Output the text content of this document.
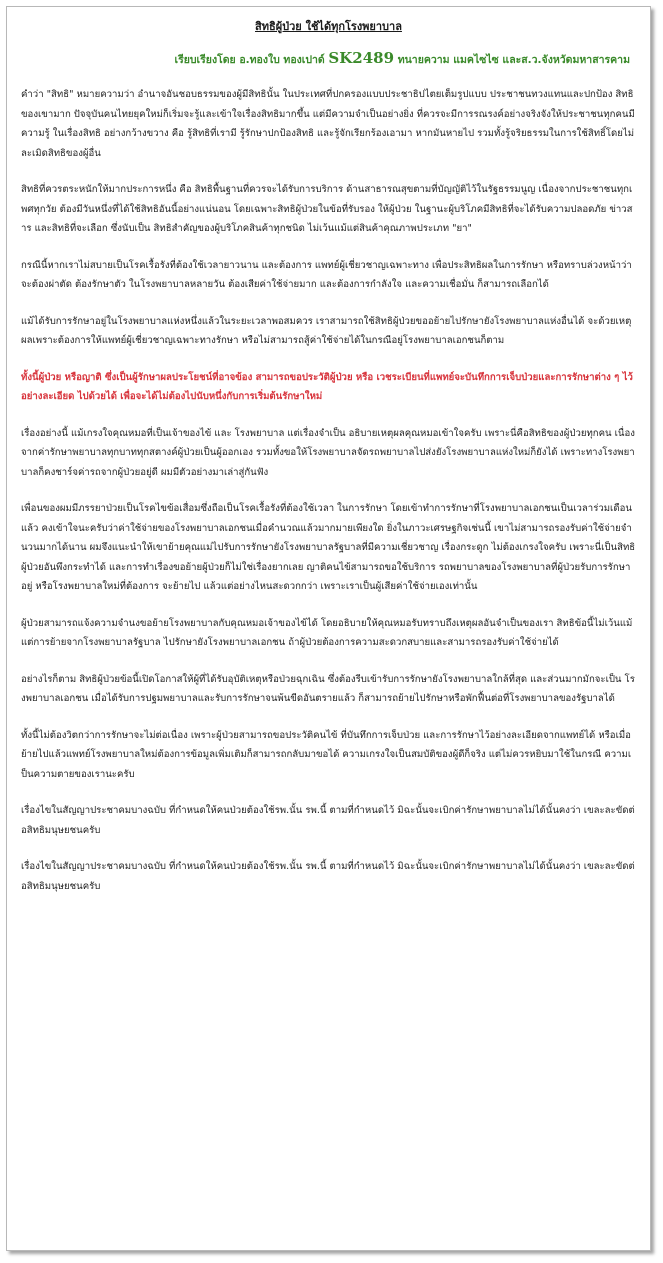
สิทธิผู้ป่วย ใช้ได้ทุกโรงพยาบาล
เรียบเรียงโดย อ.ทองใบ ทองเปาด์ SK2489 ทนายความ แมคไซไซ และส.ว.จังหวัดมหาสารคาม

คำว่า "สิทธิ" หมายความว่า อำนาจอันชอบธรรมของผู้มีสิทธินั้น ในประเทศที่ปกครองแบบประชาธิปไตยเต็มรูปแบบ ประชาชนทวงแทนและปกป้อง สิทธิ ของเขามาก ปัจจุบันคนไทยยุคใหม่ก็เริ่มจะรู้และเข้าใจเรื่องสิทธิมากขึ้น แต่มีความจำเป็นอย่างยิ่ง ที่ควรจะมีการรณรงค์อย่างจริงจังให้ประชาชนทุกคนมีความรู้ ในเรื่องสิทธิ อย่างกว้างขวาง คือ รู้สิทธิที่เรามี รู้รักษาปกป้องสิทธิ และรู้จักเรียกร้องเอามา หากมันหายไป รวมทั้งรู้จริยธรรมในการใช้สิทธิ์โดยไม่ละเมิดสิทธิของผู้อื่น

สิทธิที่ควรตระหนักให้มากประการหนึ่ง คือ สิทธิพื้นฐานที่ควรจะได้รับการบริการ ด้านสาธารณสุขตามที่บัญญัติไว้ในรัฐธรรมนูญ เนื่องจากประชาชนทุกเพศทุกวัย ต้องมีวันหนึ่งที่ได้ใช้สิทธิอันนี้อย่างแน่นอน โดยเฉพาะสิทธิผู้ป่วยในข้อที่รับรอง ให้ผู้ป่วย ในฐานะผู้บริโภคมีสิทธิที่จะได้รับความปลอดภัย ข่าวสาร และสิทธิที่จะเลือก ซึ่งนับเป็น สิทธิสำคัญของผู้บริโภคสินค้าทุกชนิด ไม่เว้นแม้แต่สินค้าคุณภาพประเภท "ยา"

กรณีนี้หากเราไม่สบายเป็นโรคเรื้อรังที่ต้องใช้เวลายาวนาน และต้องการ แพทย์ผู้เชี่ยวชาญเฉพาะทาง เพื่อประสิทธิผลในการรักษา หรือทราบล่วงหน้าว่า จะต้องผ่าตัด ต้องรักษาตัว ในโรงพยาบาลหลายวัน ต้องเสียค่าใช้จ่ายมาก และต้องการกำลังใจ และความเชื่อมั่น ก็สามารถเลือกได้

แม้ได้รับการรักษาอยู่ในโรงพยาบาลแห่งหนึ่งแล้วในระยะเวลาพอสมควร เราสามารถใช้สิทธิผู้ป่วยขออย้ายไปรักษายังโรงพยาบาลแห่งอื่นได้ จะด้วยเหตุผลเพราะต้องการให้แพทย์ผู้เชี่ยวชาญเฉพาะทางรักษา หรือไม่สามารถสู้ค่าใช้จ่ายได้ในกรณีอยู่โรงพยาบาลเอกชนก็ตาม

ทั้งนี้ผู้ป่วย หรือญาติ ซึ่งเป็นผู้รักษาผลประโยชน์ที่อาจข้อง สามารถขอประวัติผู้ป่วย หรือ เวชระเบียนที่แพทย์จะบันทึกการเจ็บป่วยและการรักษาต่าง ๆ ไว้อย่างละเอียด ไปด้วยได้ เพื่อจะได้ไม่ต้องไปนับหนึ่งกับการเริ่มต้นรักษาใหม่

เรื่องอย่างนี้ แม้เกรงใจคุณหมอที่เป็นเจ้าของไข้ และ โรงพยาบาล แต่เรื่องจำเป็น อธิบายเหตุผลคุณหมอเข้าใจครับ เพราะนี่คือสิทธิของผู้ป่วยทุกคน เนื่องจากค่ารักษาพยาบาลทุกบาททุกสตางค์ผู้ป่วยเป็นผู้ออกเอง รวมทั้งขอให้โรงพยาบาลจัดรถพยาบาลไปส่งยังโรงพยาบาลแห่งใหม่ก็ยังได้ เพราะทางโรงพยาบาลก็คงชาร์จค่ารถจากผู้ป่วยอยู่ดี ผมมีตัวอย่างมาเล่าสู่กันฟัง

เพื่อนของผมมีภรรยาป่วยเป็นโรคไขข้อเสื่อมซึ่งถือเป็นโรคเรื้อรังที่ต้องใช้เวลา ในการรักษา โดยเข้าทำการรักษาที่โรงพยาบาลเอกชนเป็นเวลาร่วมเดือนแล้ว คงเข้าใจนะครับว่าค่าใช้จ่ายของโรงพยาบาลเอกชนเมื่อคำนวณแล้วมากมายเพียงใด ยิ่งในภาวะเศรษฐกิจเช่นนี้ เขาไม่สามารถรองรับค่าใช้จ่ายจำนวนมากได้นาน ผมจึงแนะนำให้เขาย้ายคุณแม่ไปรับการรักษายังโรงพยาบาลรัฐบาลที่มีความเชี่ยวชาญ เรื่องกระดูก ไม่ต้องเกรงใจครับ เพราะนี่เป็นสิทธิผู้ป่วยอันพึงกระทำได้ และการทำเรื่องขอย้ายผู้ป่วยก็ไม่ใช่เรื่องยากเลย ญาติคนไข้สามารถขอใช้บริการ รถพยาบาลของโรงพยาบาลที่ผู้ป่วยรับการรักษาอยู่ หรือโรงพยาบาลใหม่ที่ต้องการ จะย้ายไป แล้วแต่อย่างไหนสะดวกกว่า เพราะเราเป็นผู้เสียค่าใช้จ่ายเองเท่านั้น

ผู้ป่วยสามารถแจ้งความจำนงขอย้ายโรงพยาบาลกับคุณหมอเจ้าของไข้ได้ โดยอธิบายให้คุณหมอรับทราบถึงเหตุผลอันจำเป็นของเรา สิทธิข้อนี้ไม่เว้นแม้แต่การย้ายจากโรงพยาบาลรัฐบาล ไปรักษายังโรงพยาบาลเอกชน ถ้าผู้ป่วยต้องการความสะดวกสบายและสามารถรองรับค่าใช้จ่ายได้

อย่างไรก็ตาม สิทธิผู้ป่วยข้อนี้เปิดโอกาสให้ผู้ที่ได้รับอุบัติเหตุหรือป่วยฉุกเฉิน ซึ่งต้องรีบเข้ารับการรักษายังโรงพยาบาลใกล้ที่สุด และส่วนมากมักจะเป็น โรงพยาบาลเอกชน เมื่อได้รับการปฐมพยาบาลและรับการรักษาจนพ้นขีดอันตรายแล้ว ก็สามารถย้ายไปรักษาหรือพักฟื้นต่อที่โรงพยาบาลของรัฐบาลได้

ทั้งนี้ไม่ต้องวิตกว่าการรักษาจะไม่ต่อเนื่อง เพราะผู้ป่วยสามารถขอประวัติคนไข้ ที่บันทึกการเจ็บป่วย และการรักษาไว้อย่างละเอียดจากแพทย์ได้ หรือเมื่อย้ายไปแล้วแพทย์โรงพยาบาลใหม่ต้องการข้อมูลเพิ่มเติมก็สามารถกลับมาขอได้ ความเกรงใจเป็นสมบัติของผู้ดีก็จริง แต่ไม่ควรหยิบมาใช้ในกรณี ความเป็นความตายของเรานะครับ

เรื่องไขในสัญญาประชาคมบางฉบับ ที่กำหนดให้คนป่วยต้องใช้รพ.นั้น รพ.นี้ ตามที่กำหนดไว้ มิฉะนั้นจะเบิกค่ารักษาพยาบาลไม่ได้นั้นคงว่า เขละละขัดต่อสิทธิมนุษยชนครับ

เรื่องไขในสัญญาประชาคมบางฉบับ ที่กำหนดให้คนป่วยต้องใช้รพ.นั้น รพ.นี้ ตามที่กำหนดไว้ มิฉะนั้นจะเบิกค่ารักษาพยาบาลไม่ได้นั้นคงว่า เขละละขัดต่อสิทธิมนุษยชนครับ
